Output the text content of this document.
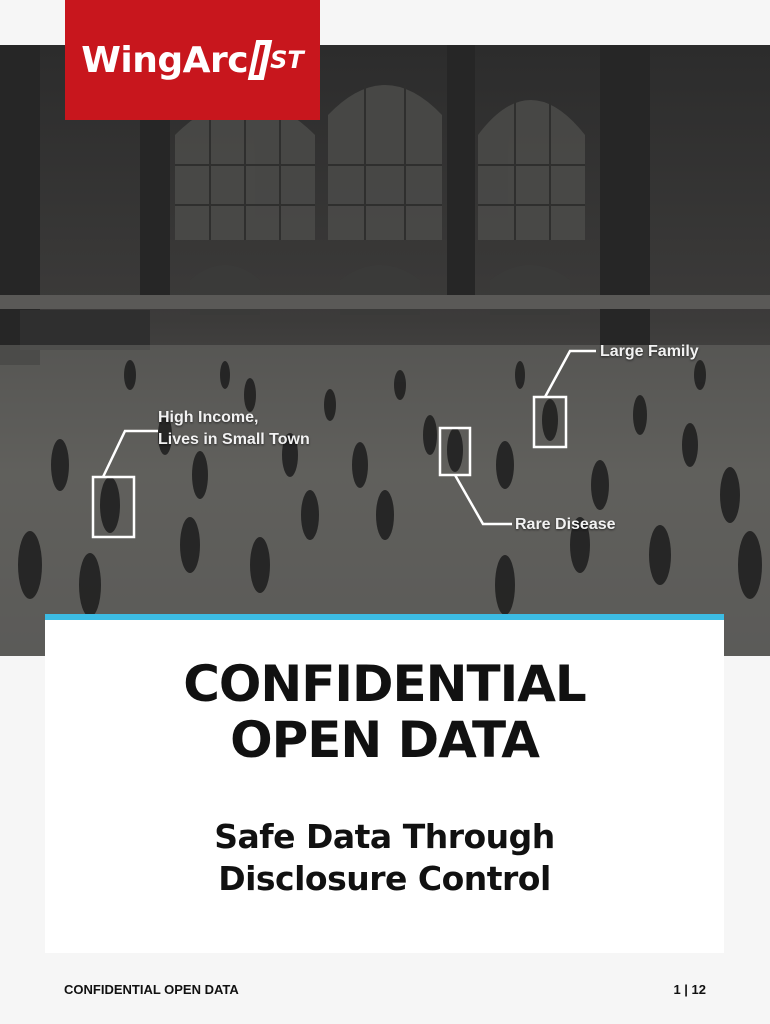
Large Family
High Income,
Lives in Small Town
Rare Disease
WingArc ST
CONFIDENTIAL
OPEN DATA
Safe Data Through
Disclosure Control
CONFIDENTIAL OPEN DATA	1 | 12
